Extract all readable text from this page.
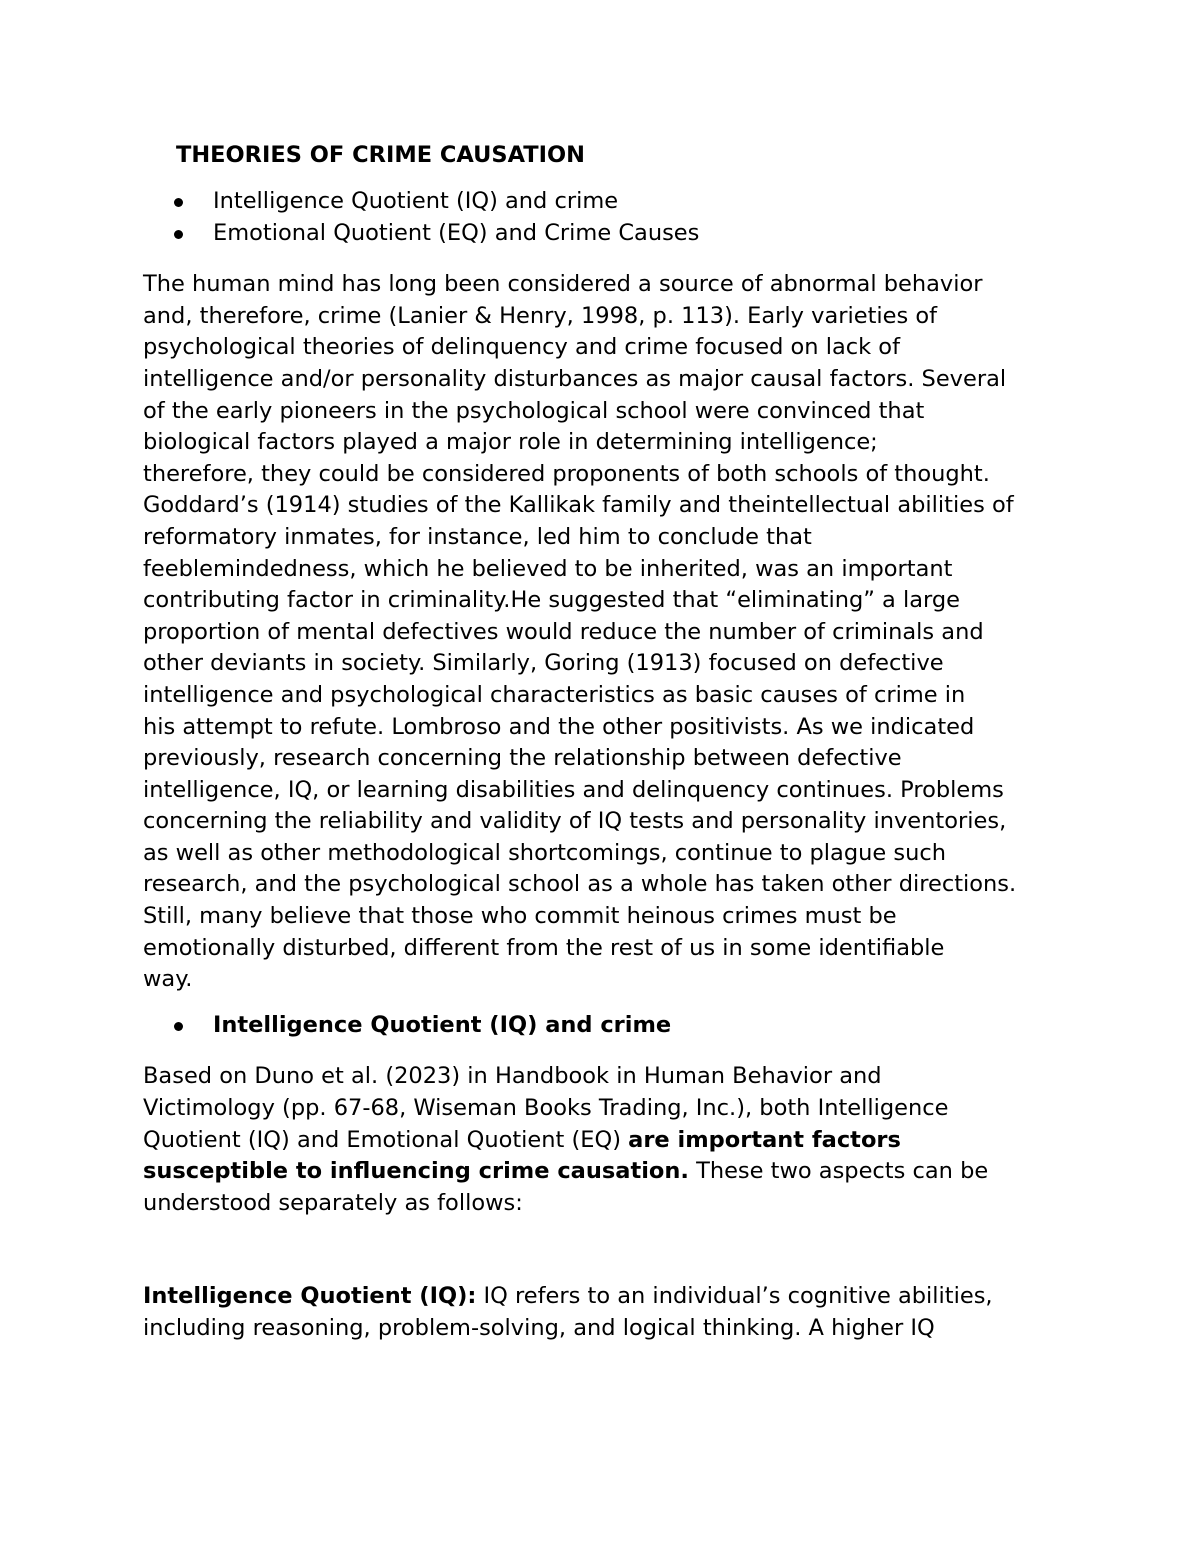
THEORIES OF CRIME CAUSATION
Intelligence Quotient (IQ) and crime
Emotional Quotient (EQ) and Crime Causes
The human mind has long been considered a source of abnormal behavior
and, therefore, crime (Lanier & Henry, 1998, p. 113). Early varieties of
psychological theories of delinquency and crime focused on lack of
intelligence and/or personality disturbances as major causal factors. Several
of the early pioneers in the psychological school were convinced that
biological factors played a major role in determining intelligence;
therefore, they could be considered proponents of both schools of thought.
Goddard’s (1914) studies of the Kallikak family and theintellectual abilities of
reformatory inmates, for instance, led him to conclude that
feeblemindedness, which he believed to be inherited, was an important
contributing factor in criminality.He suggested that “eliminating” a large
proportion of mental defectives would reduce the number of criminals and
other deviants in society. Similarly, Goring (1913) focused on defective
intelligence and psychological characteristics as basic causes of crime in
his attempt to refute. Lombroso and the other positivists. As we indicated
previously, research concerning the relationship between defective
intelligence, IQ, or learning disabilities and delinquency continues. Problems
concerning the reliability and validity of IQ tests and personality inventories,
as well as other methodological shortcomings, continue to plague such
research, and the psychological school as a whole has taken other directions.
Still, many believe that those who commit heinous crimes must be
emotionally disturbed, different from the rest of us in some identifiable
way.
Intelligence Quotient (IQ) and crime
Based on Duno et al. (2023) in Handbook in Human Behavior and
Victimology (pp. 67-68, Wiseman Books Trading, Inc.), both Intelligence
Quotient (IQ) and Emotional Quotient (EQ) are important factors
susceptible to influencing crime causation. These two aspects can be
understood separately as follows:
Intelligence Quotient (IQ): IQ refers to an individual’s cognitive abilities,
including reasoning, problem-solving, and logical thinking. A higher IQ
